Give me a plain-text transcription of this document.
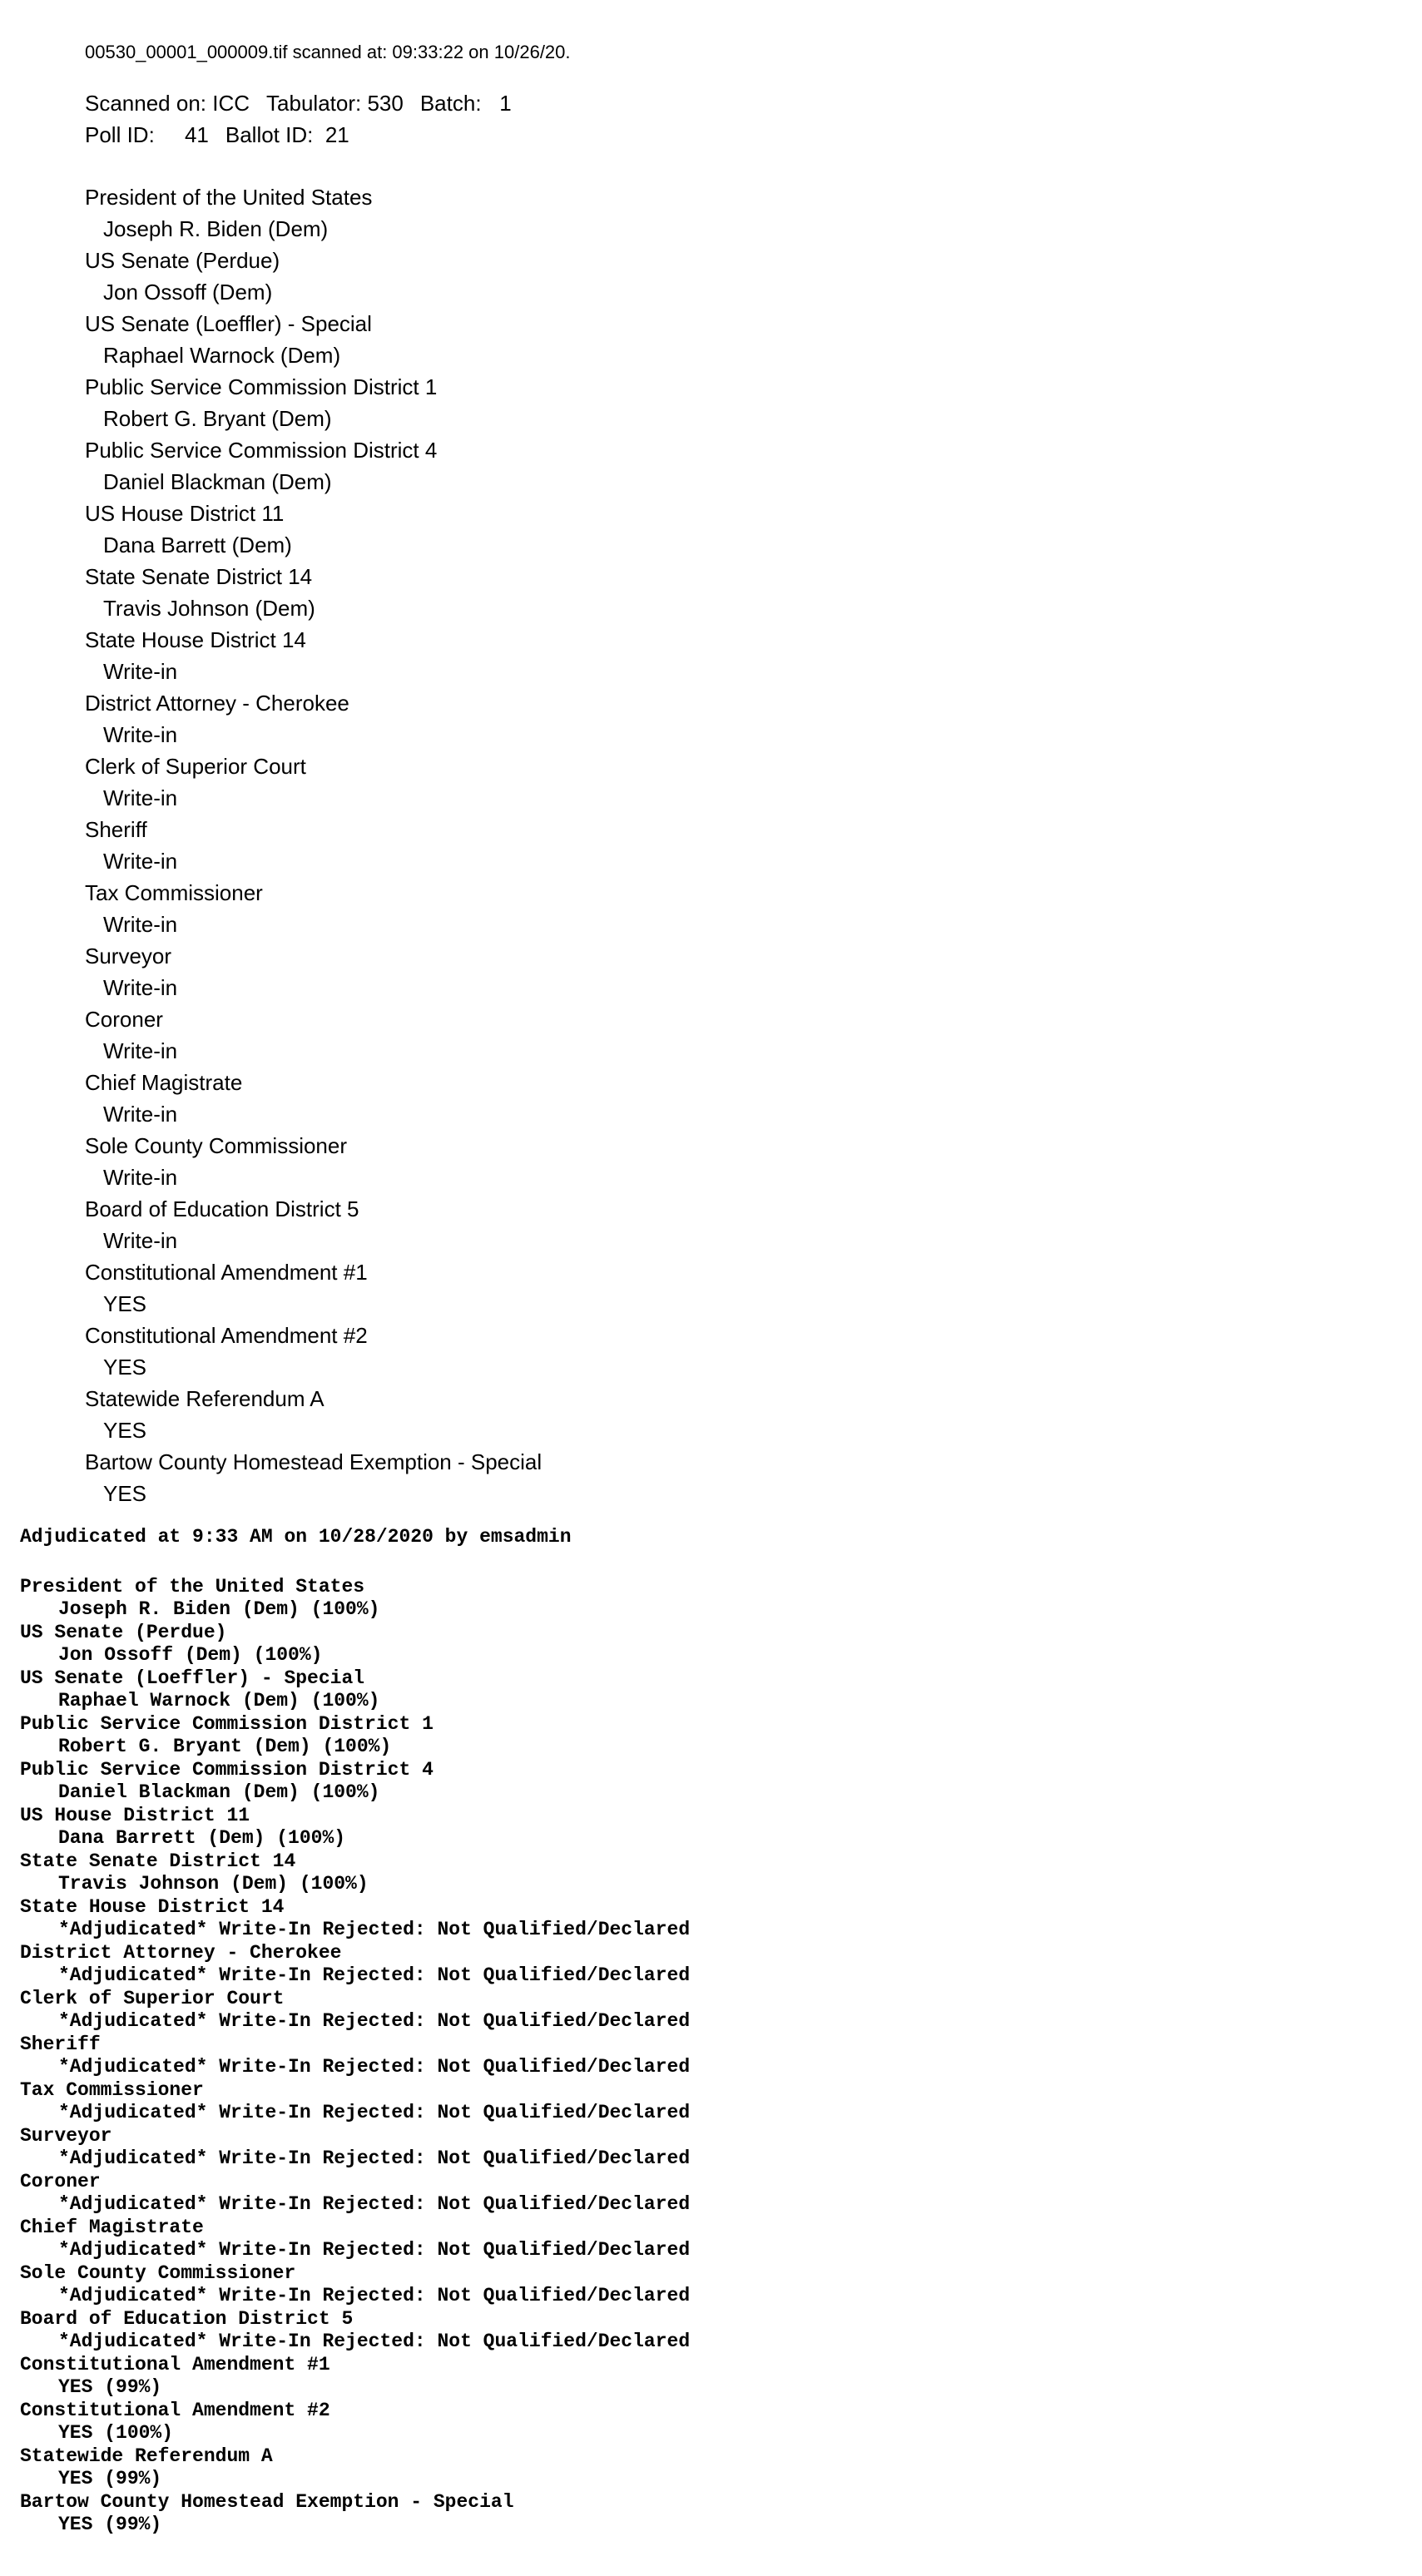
00530_00001_000009.tif scanned at: 09:33:22 on 10/26/20.
Scanned on: ICC Tabulator: 530 Batch: 1
Poll ID: 41 Ballot ID: 21
President of the United States
Joseph R. Biden (Dem)
US Senate (Perdue)
Jon Ossoff (Dem)
US Senate (Loeffler) - Special
Raphael Warnock (Dem)
Public Service Commission District 1
Robert G. Bryant (Dem)
Public Service Commission District 4
Daniel Blackman (Dem)
US House District 11
Dana Barrett (Dem)
State Senate District 14
Travis Johnson (Dem)
State House District 14
Write-in
District Attorney - Cherokee
Write-in
Clerk of Superior Court
Write-in
Sheriff
Write-in
Tax Commissioner
Write-in
Surveyor
Write-in
Coroner
Write-in
Chief Magistrate
Write-in
Sole County Commissioner
Write-in
Board of Education District 5
Write-in
Constitutional Amendment #1
YES
Constitutional Amendment #2
YES
Statewide Referendum A
YES
Bartow County Homestead Exemption - Special
YES
Adjudicated at 9:33 AM on 10/28/2020 by emsadmin
President of the United States
Joseph R. Biden (Dem) (100%)
US Senate (Perdue)
Jon Ossoff (Dem) (100%)
US Senate (Loeffler) - Special
Raphael Warnock (Dem) (100%)
Public Service Commission District 1
Robert G. Bryant (Dem) (100%)
Public Service Commission District 4
Daniel Blackman (Dem) (100%)
US House District 11
Dana Barrett (Dem) (100%)
State Senate District 14
Travis Johnson (Dem) (100%)
State House District 14
*Adjudicated* Write-In Rejected: Not Qualified/Declared
District Attorney - Cherokee
*Adjudicated* Write-In Rejected: Not Qualified/Declared
Clerk of Superior Court
*Adjudicated* Write-In Rejected: Not Qualified/Declared
Sheriff
*Adjudicated* Write-In Rejected: Not Qualified/Declared
Tax Commissioner
*Adjudicated* Write-In Rejected: Not Qualified/Declared
Surveyor
*Adjudicated* Write-In Rejected: Not Qualified/Declared
Coroner
*Adjudicated* Write-In Rejected: Not Qualified/Declared
Chief Magistrate
*Adjudicated* Write-In Rejected: Not Qualified/Declared
Sole County Commissioner
*Adjudicated* Write-In Rejected: Not Qualified/Declared
Board of Education District 5
*Adjudicated* Write-In Rejected: Not Qualified/Declared
Constitutional Amendment #1
YES (99%)
Constitutional Amendment #2
YES (100%)
Statewide Referendum A
YES (99%)
Bartow County Homestead Exemption - Special
YES (99%)
